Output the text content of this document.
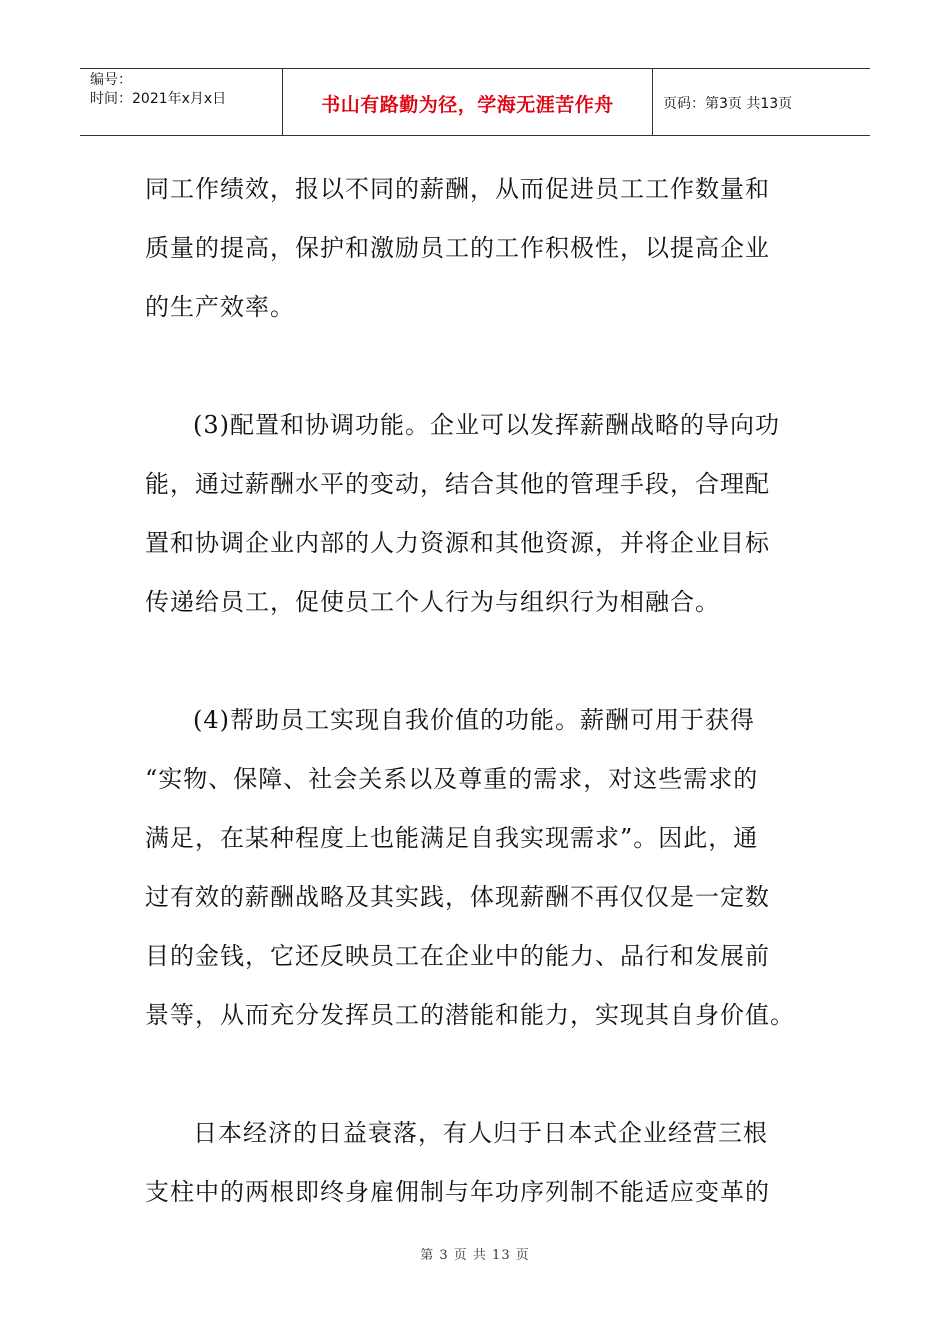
编号：
时间：2021年x月x日	书山有路勤为径，学海无涯苦作舟	页码：第3页 共13页

同工作绩效，报以不同的薪酬，从而促进员工工作数量和

质量的提高，保护和激励员工的工作积极性，以提高企业

的生产效率。

(3)配置和协调功能。企业可以发挥薪酬战略的导向功

能，通过薪酬水平的变动，结合其他的管理手段，合理配

置和协调企业内部的人力资源和其他资源，并将企业目标

传递给员工，促使员工个人行为与组织行为相融合。

(4)帮助员工实现自我价值的功能。薪酬可用于获得

“实物、保障、社会关系以及尊重的需求，对这些需求的

满足，在某种程度上也能满足自我实现需求”。因此，通

过有效的薪酬战略及其实践，体现薪酬不再仅仅是一定数

目的金钱，它还反映员工在企业中的能力、品行和发展前

景等，从而充分发挥员工的潜能和能力，实现其自身价值。

日本经济的日益衰落，有人归于日本式企业经营三根

支柱中的两根即终身雇佣制与年功序列制不能适应变革的

第 3 页 共 13 页
